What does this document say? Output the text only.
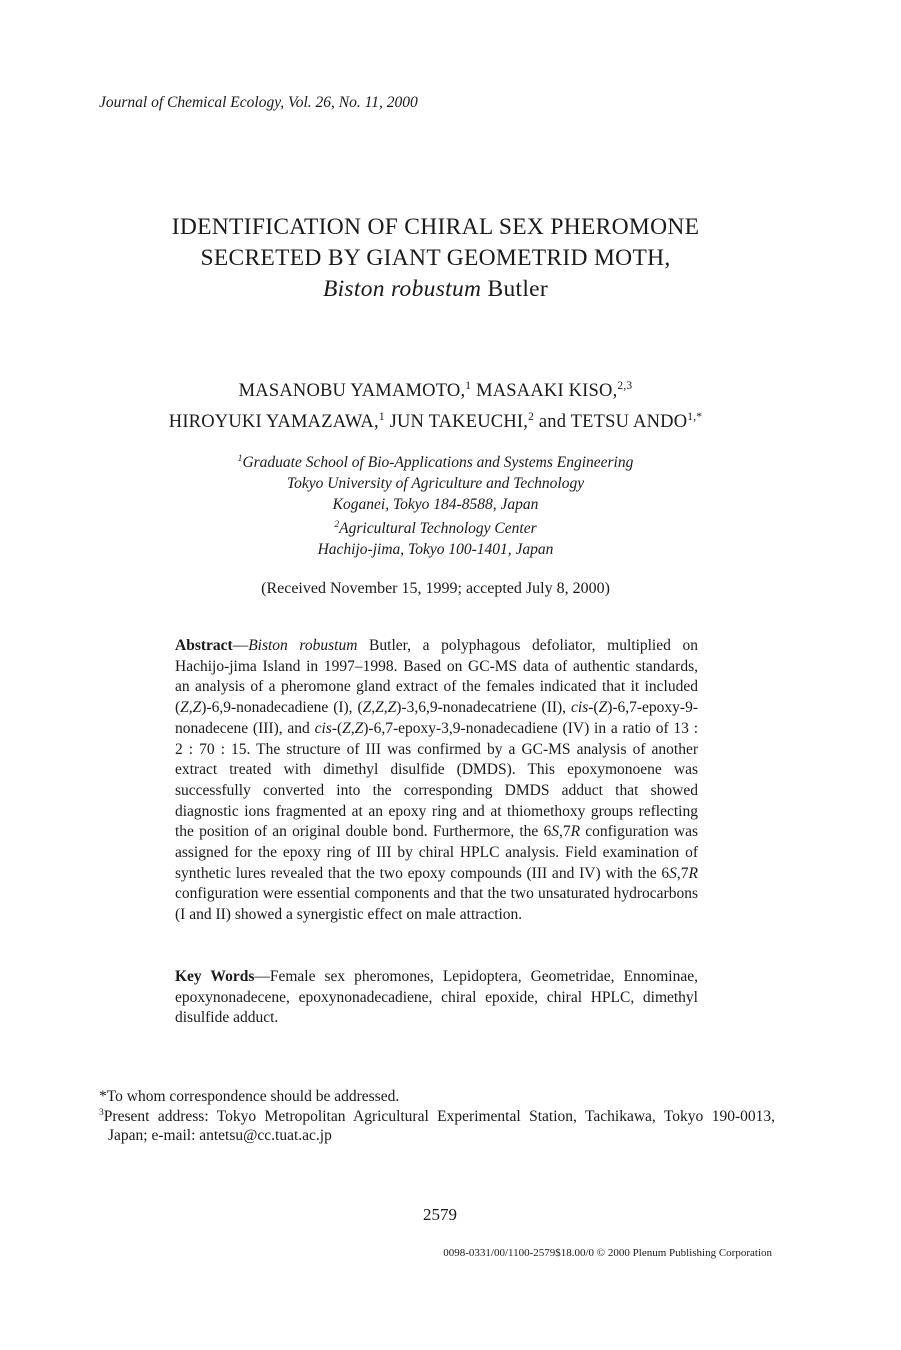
Journal of Chemical Ecology, Vol. 26, No. 11, 2000
IDENTIFICATION OF CHIRAL SEX PHEROMONE
SECRETED BY GIANT GEOMETRID MOTH,
Biston robustum Butler
MASANOBU YAMAMOTO,$^1$ MASAAKI KISO,$^{2,3}$
HIROYUKI YAMAZAWA,$^1$ JUN TAKEUCHI,$^2$ and TETSU $ANDO^{1,*}$
$^1$Graduate School of Bio-Applications and Systems Engineering
Tokyo University of Agriculture and Technology
Koganei, Tokyo 184-8588, Japan
$^2$Agricultural Technology Center
Hachijo-jima, Tokyo 100-1401, Japan
(Received November 15, 1999; accepted July 8, 2000)
Abstract—Biston robustum Butler, a polyphagous defoliator, multiplied on Hachijo-jima Island in 1997–1998. Based on GC-MS data of authentic standards, an analysis of a pheromone gland extract of the females indicated that it included (Z,Z)-6,9-nonadecadiene (I), (Z,Z,Z)-3,6,9-nonadecatriene (II), cis-(Z)-6,7-epoxy-9-nonadecene (III), and cis-(Z,Z)-6,7-epoxy-3,9-nonadecadiene (IV) in a ratio of 13 : 2 : 70 : 15. The structure of III was confirmed by a GC-MS analysis of another extract treated with dimethyl disulfide (DMDS). This epoxymonoene was successfully converted into the corresponding DMDS adduct that showed diagnostic ions fragmented at an epoxy ring and at thiomethoxy groups reflecting the position of an original double bond. Furthermore, the 6S,7R configuration was assigned for the epoxy ring of III by chiral HPLC analysis. Field examination of synthetic lures revealed that the two epoxy compounds (III and IV) with the 6S,7R configuration were essential components and that the two unsaturated hydrocarbons (I and II) showed a synergistic effect on male attraction.
Key Words—Female sex pheromones, Lepidoptera, Geometridae, Ennominae, epoxynonadecene, epoxynonadecadiene, chiral epoxide, chiral HPLC, dimethyl disulfide adduct.
*To whom correspondence should be addressed.
$^3$Present address: Tokyo Metropolitan Agricultural Experimental Station, Tachikawa, Tokyo 190-0013, Japan; e-mail: antetsu@cc.tuat.ac.jp
2579
0098-0331/00/1100-2579$18.00/0 © 2000 Plenum Publishing Corporation
